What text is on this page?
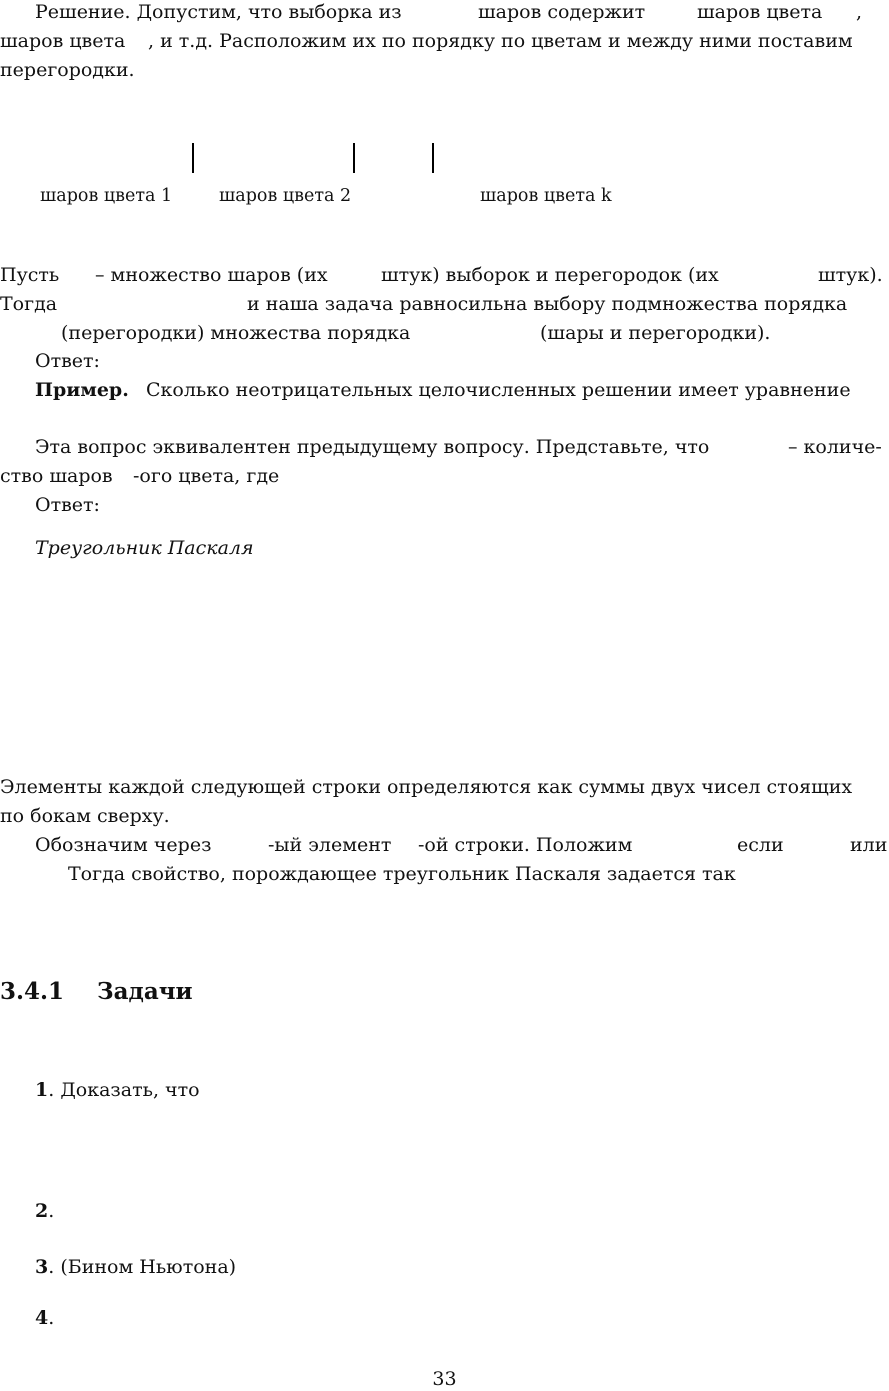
Решение. Допустим, что выборка из	шаров содержит	шаров цвета ,
шаров цвета , и т.д. Расположим их по порядку по цветам и между ними поставим
перегородки.
шаров цвета 1	шаров цвета 2	шаров цвета k
Пусть – множество шаров (их	штук) выборок и перегородок (их	штук).
Тогда	и наша задача равносильна выбору подмножества порядка
(перегородки) множества порядка	(шары и перегородки).
Ответ:
Пример. Сколько неотрицательных целочисленных решении имеет уравнение
Эта вопрос эквивалентен предыдущему вопросу. Представьте, что	– количе-
ство шаров -ого цвета, где
Ответ:
Треугольник Паскаля
Элементы каждой следующей строки определяются как суммы двух чисел стоящих
по бокам сверху.
Обозначим через	-ый элемент -ой строки. Положим	если	или
Тогда свойство, порождающее треугольник Паскаля задается так
3.4.1 Задачи
1. Доказать, что
2.
3. (Бином Ньютона)
4.
33
